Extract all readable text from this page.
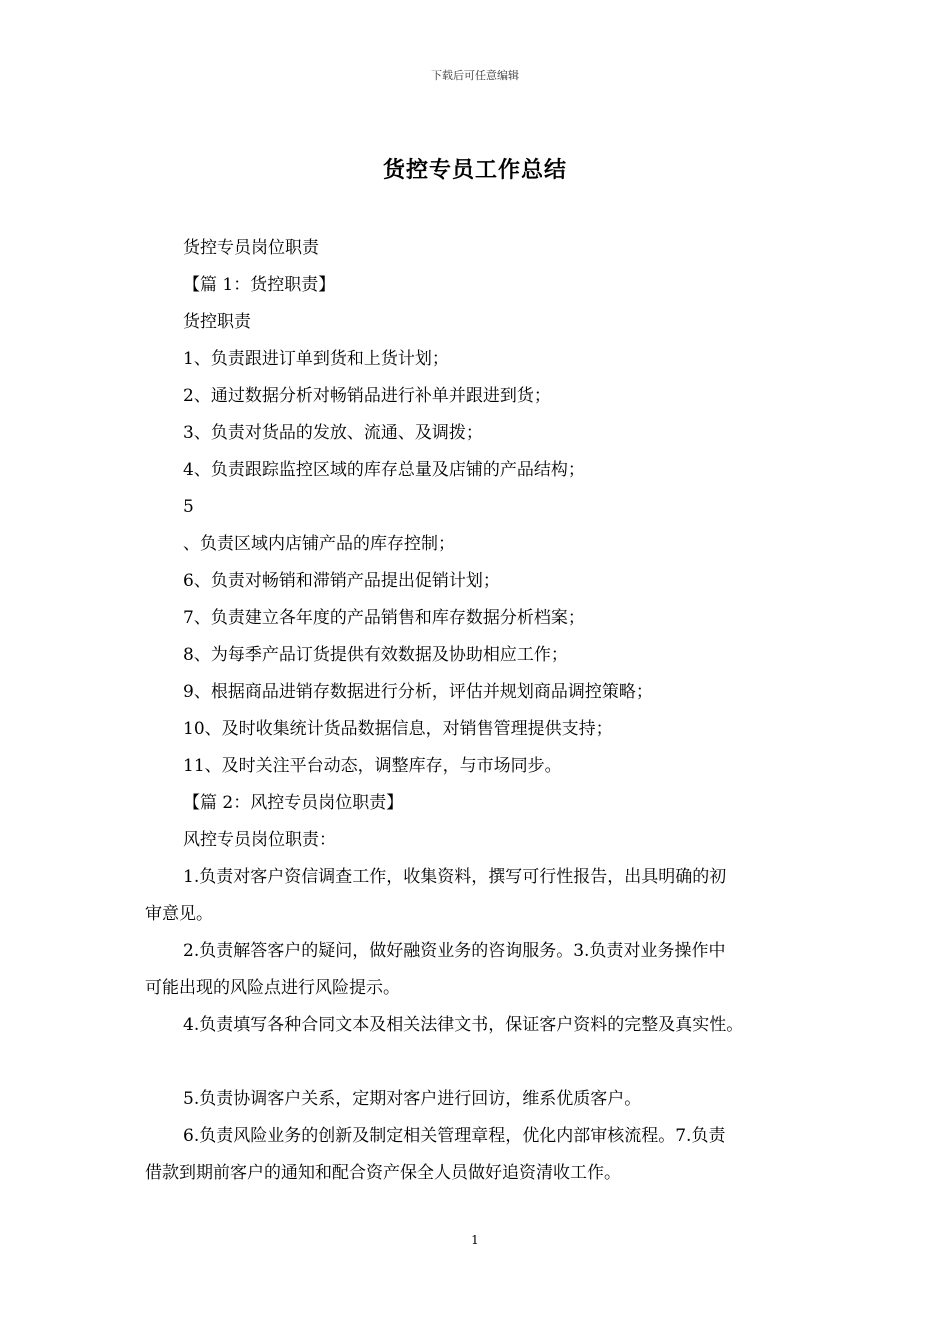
下载后可任意编辑
货控专员工作总结
货控专员岗位职责
【篇 1：货控职责】
货控职责
1、负责跟进订单到货和上货计划；
2、通过数据分析对畅销品进行补单并跟进到货；
3、负责对货品的发放、流通、及调拨；
4、负责跟踪监控区域的库存总量及店铺的产品结构；
5
、负责区域内店铺产品的库存控制；
6、负责对畅销和滞销产品提出促销计划；
7、负责建立各年度的产品销售和库存数据分析档案；
8、为每季产品订货提供有效数据及协助相应工作；
9、根据商品进销存数据进行分析，评估并规划商品调控策略；
10、及时收集统计货品数据信息，对销售管理提供支持；
11、及时关注平台动态，调整库存，与市场同步。
【篇 2：风控专员岗位职责】
风控专员岗位职责：
1.负责对客户资信调查工作，收集资料，撰写可行性报告，出具明确的初
审意见。
2.负责解答客户的疑问，做好融资业务的咨询服务。3.负责对业务操作中
可能出现的风险点进行风险提示。
4.负责填写各种合同文本及相关法律文书，保证客户资料的完整及真实性。
5.负责协调客户关系，定期对客户进行回访，维系优质客户。
6.负责风险业务的创新及制定相关管理章程，优化内部审核流程。7.负责
借款到期前客户的通知和配合资产保全人员做好追资清收工作。
1
